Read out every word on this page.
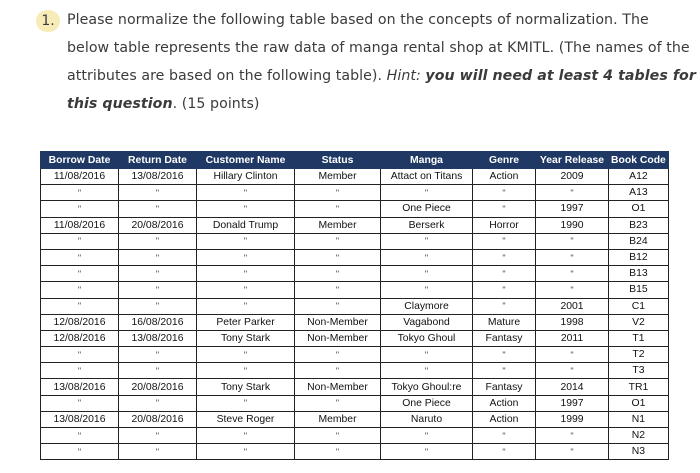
1. Please normalize the following table based on the concepts of normalization. The
below table represents the raw data of manga rental shop at KMITL. (The names of the
attributes are based on the following table). Hint: you will need at least 4 tables for
this question. (15 points)
Borrow Date	Return Date	Customer Name	Status	Manga	Genre	Year Release	Book Code
11/08/2016	13/08/2016	Hillary Clinton	Member	Attact on Titans	Action	2009	A12
"	"	"	"	"	"	"	A13
"	"	"	"	One Piece	"	1997	O1
11/08/2016	20/08/2016	Donald Trump	Member	Berserk	Horror	1990	B23
"	"	"	"	"	"	"	B24
"	"	"	"	"	"	"	B12
"	"	"	"	"	"	"	B13
"	"	"	"	"	"	"	B15
"	"	"	"	Claymore	"	2001	C1
12/08/2016	16/08/2016	Peter Parker	Non-Member	Vagabond	Mature	1998	V2
12/08/2016	13/08/2016	Tony Stark	Non-Member	Tokyo Ghoul	Fantasy	2011	T1
"	"	"	"	"	"	"	T2
"	"	"	"	"	"	"	T3
13/08/2016	20/08/2016	Tony Stark	Non-Member	Tokyo Ghoul:re	Fantasy	2014	TR1
"	"	"	"	One Piece	Action	1997	O1
13/08/2016	20/08/2016	Steve Roger	Member	Naruto	Action	1999	N1
"	"	"	"	"	"	"	N2
"	"	"	"	"	"	"	N3
